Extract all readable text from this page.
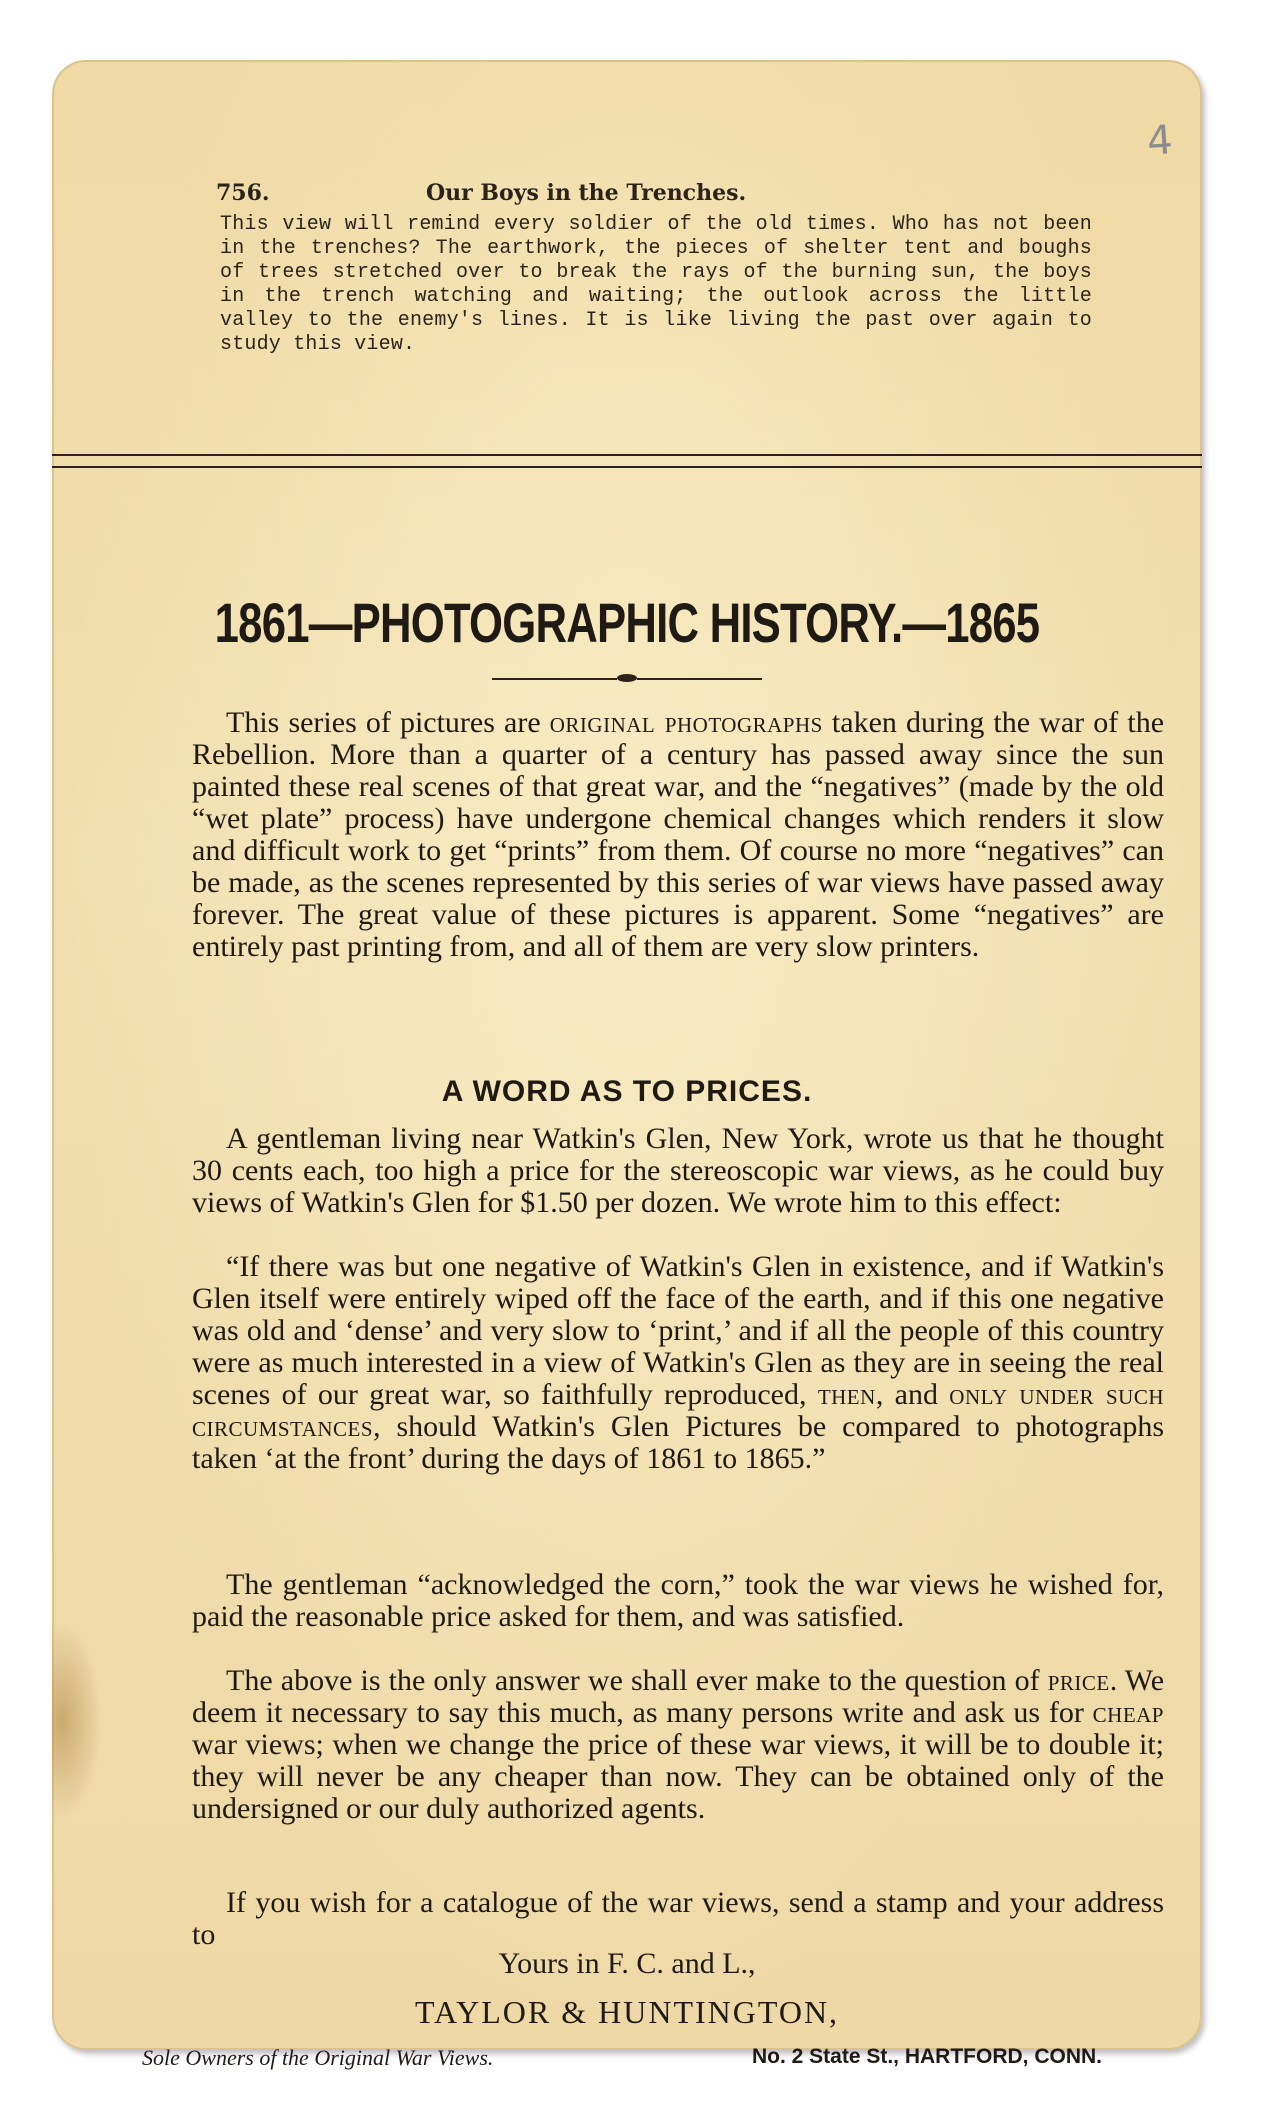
4
756.	Our Boys in the Trenches.
This view will remind every soldier of the old times. Who has not been in the trenches? The earthwork, the pieces of shelter tent and boughs of trees stretched over to break the rays of the burning sun, the boys in the trench watching and waiting; the outlook across the little valley to the enemy's lines. It is like living the past over again to study this view.
1861—PHOTOGRAPHIC HISTORY.—1865
This series of pictures are original photographs taken during the war of the Rebellion. More than a quarter of a century has passed away since the sun painted these real scenes of that great war, and the “negatives” (made by the old “wet plate” process) have undergone chemical changes which renders it slow and difficult work to get “prints” from them. Of course no more “negatives” can be made, as the scenes represented by this series of war views have passed away forever. The great value of these pictures is apparent. Some “negatives” are entirely past printing from, and all of them are very slow printers.
A WORD AS TO PRICES.
A gentleman living near Watkin's Glen, New York, wrote us that he thought 30 cents each, too high a price for the stereoscopic war views, as he could buy views of Watkin's Glen for $1.50 per dozen. We wrote him to this effect:
“If there was but one negative of Watkin's Glen in existence, and if Watkin's Glen itself were entirely wiped off the face of the earth, and if this one negative was old and ‘dense’ and very slow to ‘print,’ and if all the people of this country were as much interested in a view of Watkin's Glen as they are in seeing the real scenes of our great war, so faithfully reproduced, then, and only under such circumstances, should Watkin's Glen Pictures be compared to photographs taken ‘at the front’ during the days of 1861 to 1865.”
The gentleman “acknowledged the corn,” took the war views he wished for, paid the reasonable price asked for them, and was satisfied.
The above is the only answer we shall ever make to the question of price. We deem it necessary to say this much, as many persons write and ask us for cheap war views; when we change the price of these war views, it will be to double it; they will never be any cheaper than now. They can be obtained only of the undersigned or our duly authorized agents.
If you wish for a catalogue of the war views, send a stamp and your address to
Yours in F. C. and L.,
TAYLOR & HUNTINGTON,
Sole Owners of the Original War Views.	No. 2 State St., HARTFORD, CONN.
